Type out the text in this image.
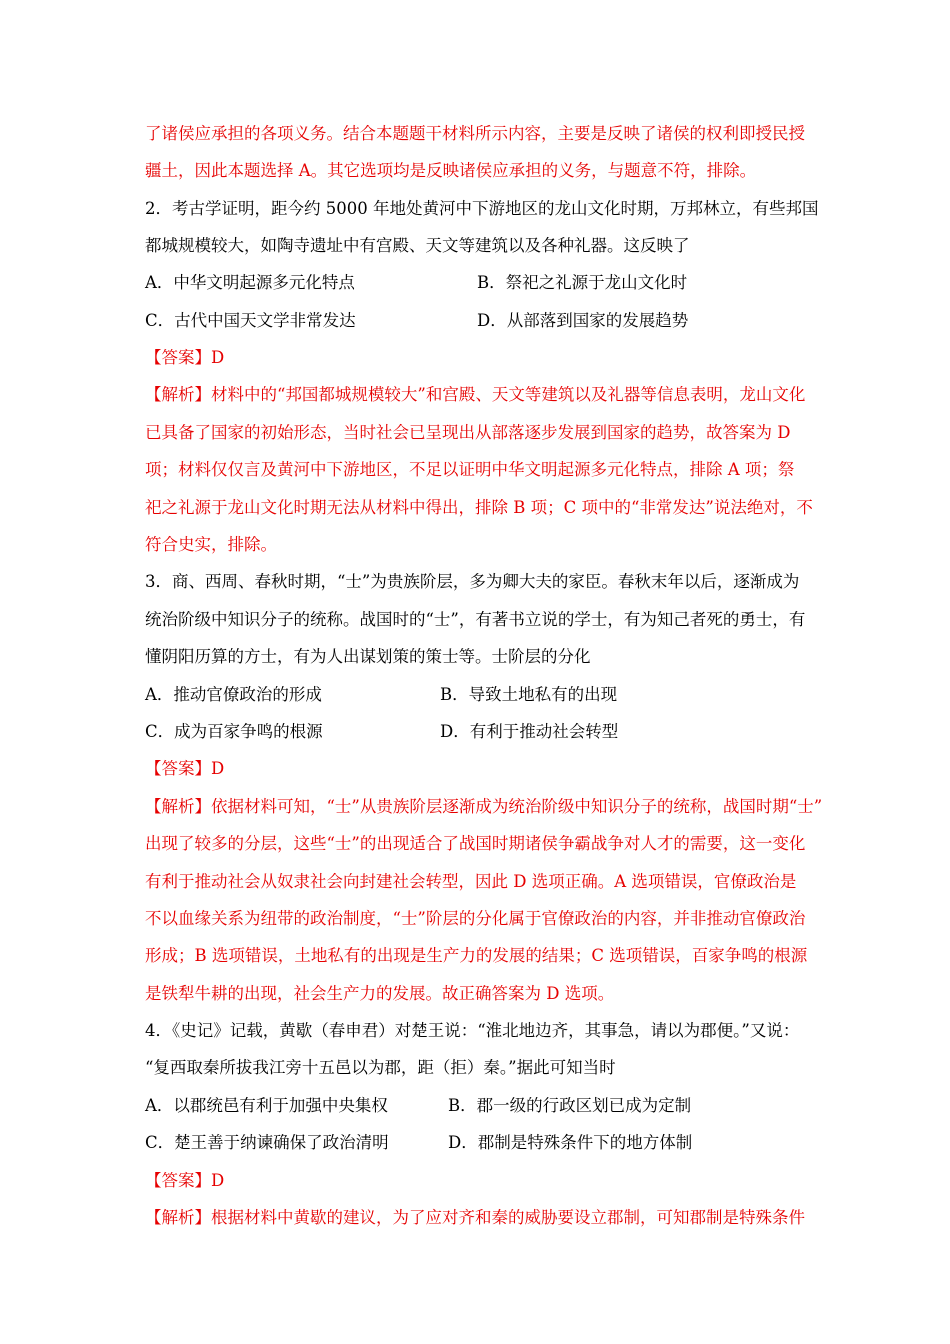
了诸侯应承担的各项义务。结合本题题干材料所示内容，主要是反映了诸侯的权利即授民授
疆土，因此本题选择 A。其它选项均是反映诸侯应承担的义务，与题意不符，排除。
2．考古学证明，距今约 5000 年地处黄河中下游地区的龙山文化时期，万邦林立，有些邦国
都城规模较大，如陶寺遗址中有宫殿、天文等建筑以及各种礼器。这反映了
A．中华文明起源多元化特点	B．祭祀之礼源于龙山文化时
C．古代中国天文学非常发达	D．从部落到国家的发展趋势
【答案】D
【解析】材料中的“邦国都城规模较大”和宫殿、天文等建筑以及礼器等信息表明，龙山文化
已具备了国家的初始形态，当时社会已呈现出从部落逐步发展到国家的趋势，故答案为 D
项；材料仅仅言及黄河中下游地区，不足以证明中华文明起源多元化特点，排除 A 项；祭
祀之礼源于龙山文化时期无法从材料中得出，排除 B 项；C 项中的“非常发达”说法绝对，不
符合史实，排除。
3．商、西周、春秋时期，“士”为贵族阶层，多为卿大夫的家臣。春秋末年以后，逐渐成为
统治阶级中知识分子的统称。战国时的“士”，有著书立说的学士，有为知己者死的勇士，有
懂阴阳历算的方士，有为人出谋划策的策士等。士阶层的分化
A．推动官僚政治的形成	B．导致土地私有的出现
C．成为百家争鸣的根源	D．有利于推动社会转型
【答案】D
【解析】依据材料可知，“士”从贵族阶层逐渐成为统治阶级中知识分子的统称，战国时期“士”
出现了较多的分层，这些“士”的出现适合了战国时期诸侯争霸战争对人才的需要，这一变化
有利于推动社会从奴隶社会向封建社会转型，因此 D 选项正确。A 选项错误，官僚政治是
不以血缘关系为纽带的政治制度，“士”阶层的分化属于官僚政治的内容，并非推动官僚政治
形成；B 选项错误，土地私有的出现是生产力的发展的结果；C 选项错误，百家争鸣的根源
是铁犁牛耕的出现，社会生产力的发展。故正确答案为 D 选项。
4．《史记》记载，黄歇（春申君）对楚王说：“淮北地边齐，其事急，请以为郡便。”又说：
“复西取秦所拔我江旁十五邑以为郡，距（拒）秦。”据此可知当时
A．以郡统邑有利于加强中央集权	B．郡一级的行政区划已成为定制
C．楚王善于纳谏确保了政治清明	D．郡制是特殊条件下的地方体制
【答案】D
【解析】根据材料中黄歇的建议，为了应对齐和秦的威胁要设立郡制，可知郡制是特殊条件
